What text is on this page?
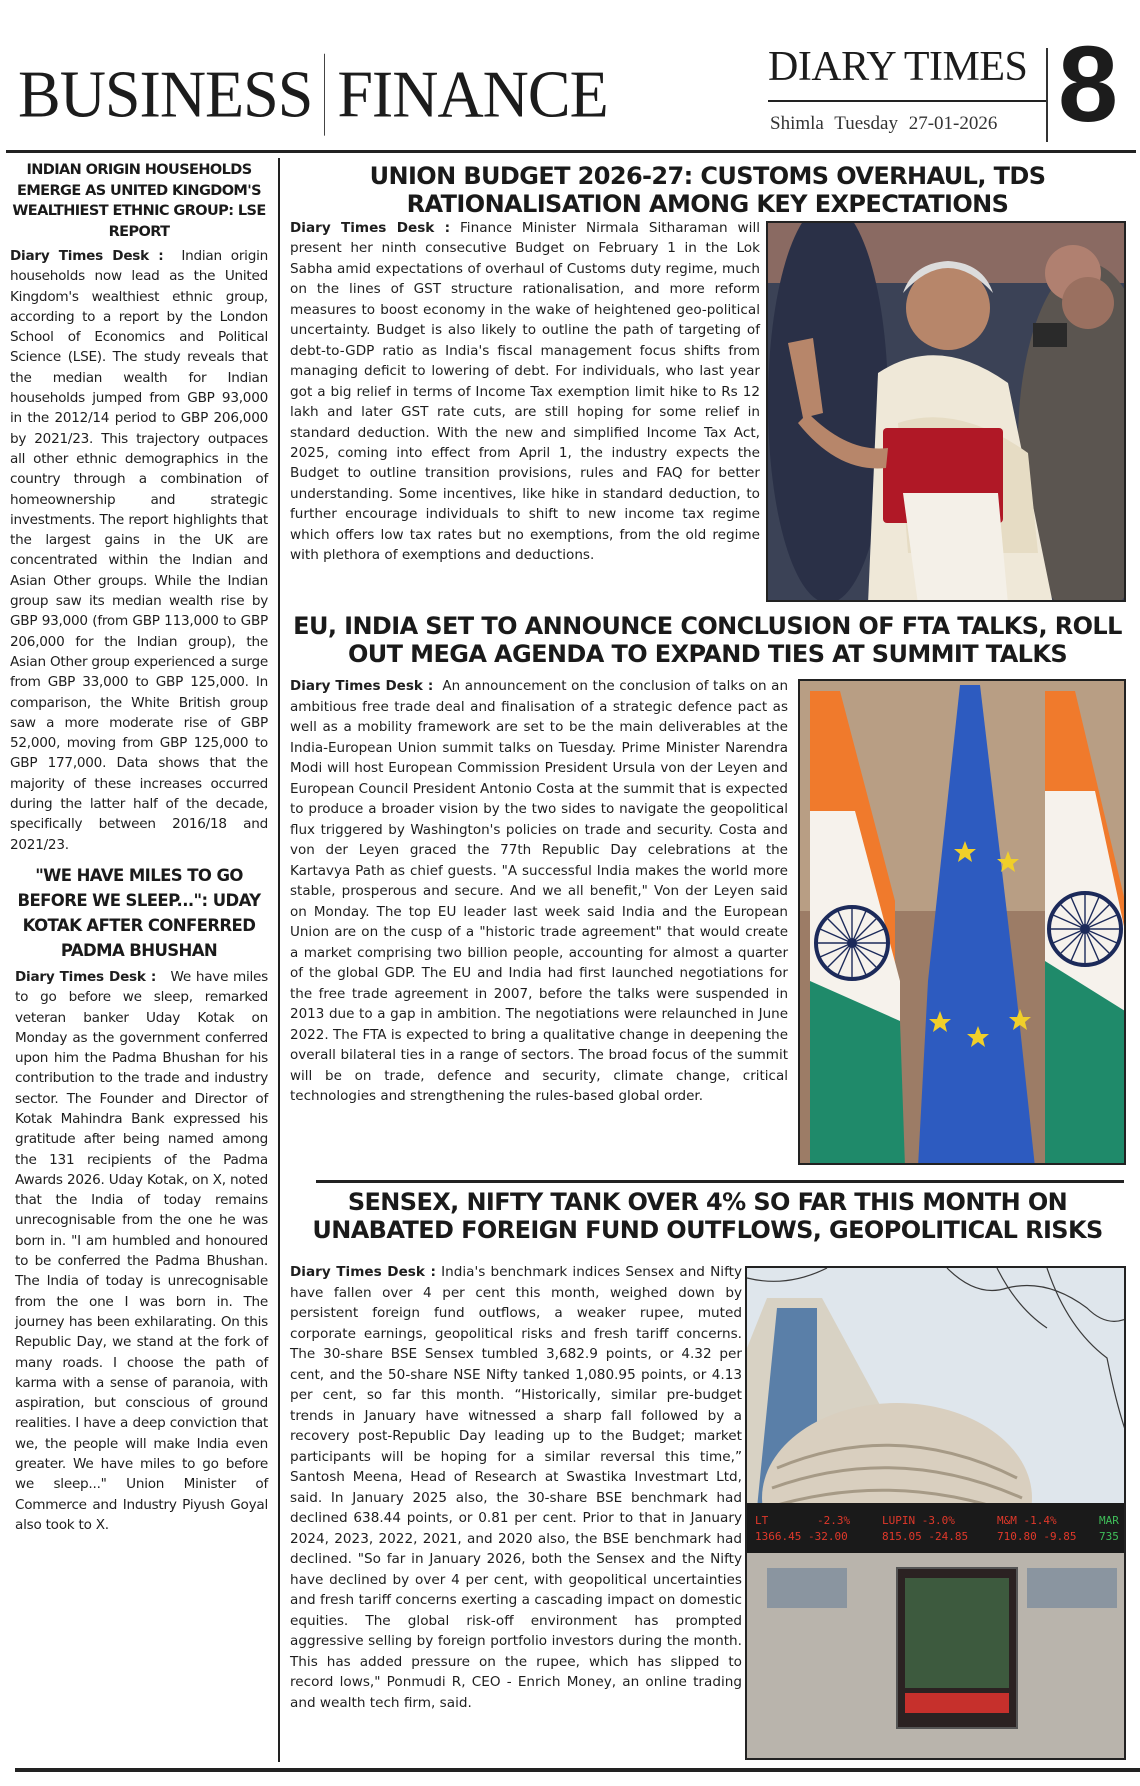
BUSINESS FINANCE	DIARY TIMES
Shimla Tuesday 27-01-2026 8
INDIAN ORIGIN HOUSEHOLDS EMERGE AS UNITED KINGDOM'S WEALTHIEST ETHNIC GROUP: LSE REPORT

Diary Times Desk : Indian origin households now lead as the United Kingdom's wealthiest ethnic group, according to a report by the London School of Economics and Political Science (LSE). The study reveals that the median wealth for Indian households jumped from GBP 93,000 in the 2012/14 period to GBP 206,000 by 2021/23. This trajectory outpaces all other ethnic demographics in the country through a combination of homeownership and strategic investments. The report highlights that the largest gains in the UK are concentrated within the Indian and Asian Other groups. While the Indian group saw its median wealth rise by GBP 93,000 (from GBP 113,000 to GBP 206,000 for the Indian group), the Asian Other group experienced a surge from GBP 33,000 to GBP 125,000. In comparison, the White British group saw a more moderate rise of GBP 52,000, moving from GBP 125,000 to GBP 177,000. Data shows that the majority of these increases occurred during the latter half of the decade, specifically between 2016/18 and 2021/23.

"WE HAVE MILES TO GO BEFORE WE SLEEP...": UDAY KOTAK AFTER CONFERRED PADMA BHUSHAN

Diary Times Desk : We have miles to go before we sleep, remarked veteran banker Uday Kotak on Monday as the government conferred upon him the Padma Bhushan for his contribution to the trade and industry sector. The Founder and Director of Kotak Mahindra Bank expressed his gratitude after being named among the 131 recipients of the Padma Awards 2026. Uday Kotak, on X, noted that the India of today remains unrecognisable from the one he was born in. "I am humbled and honoured to be conferred the Padma Bhushan. The India of today is unrecognisable from the one I was born in. The journey has been exhilarating. On this Republic Day, we stand at the fork of many roads. I choose the path of karma with a sense of paranoia, with aspiration, but conscious of ground realities. I have a deep conviction that we, the people will make India even greater. We have miles to go before we sleep..." Union Minister of Commerce and Industry Piyush Goyal also took to X.

UNION BUDGET 2026-27: CUSTOMS OVERHAUL, TDS RATIONALISATION AMONG KEY EXPECTATIONS
Diary Times Desk : Finance Minister Nirmala Sitharaman will present her ninth consecutive Budget on February 1 in the Lok Sabha amid expectations of overhaul of Customs duty regime, much on the lines of GST structure rationalisation, and more reform measures to boost economy in the wake of heightened geo-political uncertainty. Budget is also likely to outline the path of targeting of debt-to-GDP ratio as India's fiscal management focus shifts from managing deficit to lowering of debt. For individuals, who last year got a big relief in terms of Income Tax exemption limit hike to Rs 12 lakh and later GST rate cuts, are still hoping for some relief in standard deduction. With the new and simplified Income Tax Act, 2025, coming into effect from April 1, the industry expects the Budget to outline transition provisions, rules and FAQ for better understanding. Some incentives, like hike in standard deduction, to further encourage individuals to shift to new income tax regime which offers low tax rates but no exemptions, from the old regime with plethora of exemptions and deductions.
EU, INDIA SET TO ANNOUNCE CONCLUSION OF FTA TALKS, ROLL OUT MEGA AGENDA TO EXPAND TIES AT SUMMIT TALKS
Diary Times Desk : An announcement on the conclusion of talks on an ambitious free trade deal and finalisation of a strategic defence pact as well as a mobility framework are set to be the main deliverables at the India-European Union summit talks on Tuesday. Prime Minister Narendra Modi will host European Commission President Ursula von der Leyen and European Council President Antonio Costa at the summit that is expected to produce a broader vision by the two sides to navigate the geopolitical flux triggered by Washington's policies on trade and security. Costa and von der Leyen graced the 77th Republic Day celebrations at the Kartavya Path as chief guests. "A successful India makes the world more stable, prosperous and secure. And we all benefit," Von der Leyen said on Monday. The top EU leader last week said India and the European Union are on the cusp of a "historic trade agreement" that would create a market comprising two billion people, accounting for almost a quarter of the global GDP. The EU and India had first launched negotiations for the free trade agreement in 2007, before the talks were suspended in 2013 due to a gap in ambition. The negotiations were relaunched in June 2022. The FTA is expected to bring a qualitative change in deepening the overall bilateral ties in a range of sectors. The broad focus of the summit will be on trade, defence and security, climate change, critical technologies and strengthening the rules-based global order.
SENSEX, NIFTY TANK OVER 4% SO FAR THIS MONTH ON UNABATED FOREIGN FUND OUTFLOWS, GEOPOLITICAL RISKS
Diary Times Desk : India's benchmark indices Sensex and Nifty have fallen over 4 per cent this month, weighed down by persistent foreign fund outflows, a weaker rupee, muted corporate earnings, geopolitical risks and fresh tariff concerns. The 30-share BSE Sensex tumbled 3,682.9 points, or 4.32 per cent, and the 50-share NSE Nifty tanked 1,080.95 points, or 4.13 per cent, so far this month. “Historically, similar pre-budget trends in January have witnessed a sharp fall followed by a recovery post-Republic Day leading up to the Budget; market participants will be hoping for a similar reversal this time,” Santosh Meena, Head of Research at Swastika Investmart Ltd, said. In January 2025 also, the 30-share BSE benchmark had declined 638.44 points, or 0.81 per cent. Prior to that in January 2024, 2023, 2022, 2021, and 2020 also, the BSE benchmark had declined. "So far in January 2026, both the Sensex and the Nifty have declined by over 4 per cent, with geopolitical uncertainties and fresh tariff concerns exerting a cascading impact on domestic equities. The global risk-off environment has prompted aggressive selling by foreign portfolio investors during the month. This has added pressure on the rupee, which has slipped to record lows," Ponmudi R, CEO - Enrich Money, an online trading and wealth tech firm, said.
LT	-2.3%
1366.45 -32.00
LUPIN -3.0%
815.05 -24.85
M&M -1.4%
710.80 -9.85
MAR
735
